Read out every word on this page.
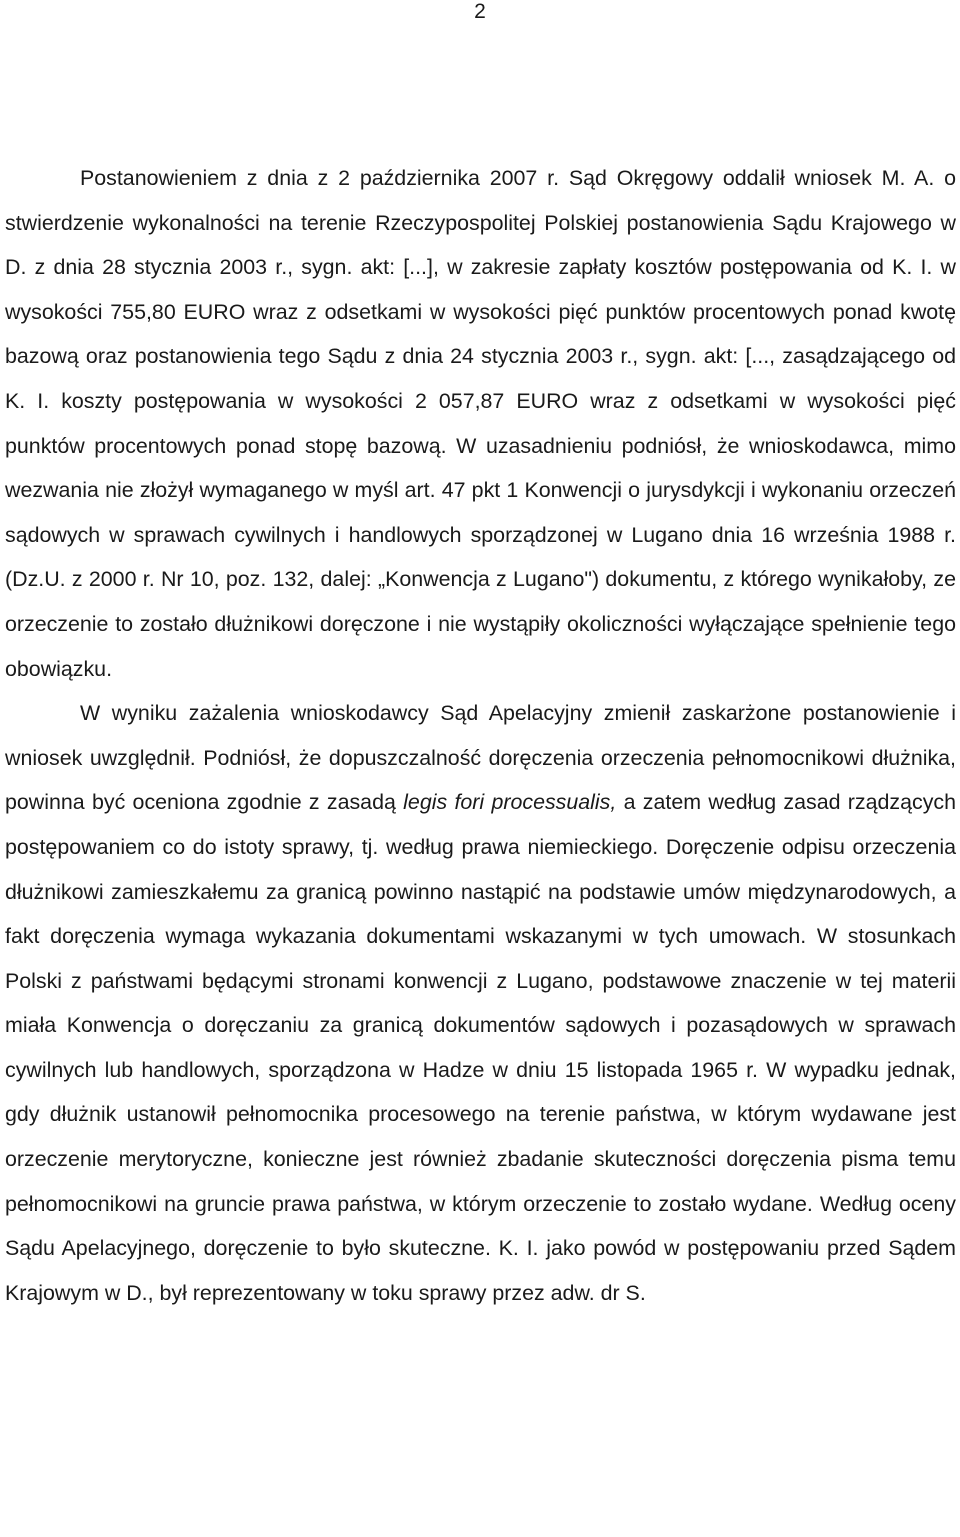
2

Postanowieniem z dnia z 2 października 2007 r. Sąd Okręgowy oddalił wniosek M. A. o stwierdzenie wykonalności na terenie Rzeczypospolitej Polskiej postanowienia Sądu Krajowego w D. z dnia 28 stycznia 2003 r., sygn. akt: [...], w zakresie zapłaty kosztów postępowania od K. I. w wysokości 755,80 EURO wraz z odsetkami w wysokości pięć punktów procentowych ponad kwotę bazową oraz postanowienia tego Sądu z dnia 24 stycznia 2003 r., sygn. akt: [..., zasądzającego od K. I. koszty postępowania w wysokości 2 057,87 EURO wraz z odsetkami w wysokości pięć punktów procentowych ponad stopę bazową. W uzasadnieniu podniósł, że wnioskodawca, mimo wezwania nie złożył wymaganego w myśl art. 47 pkt 1 Konwencji o jurysdykcji i wykonaniu orzeczeń sądowych w sprawach cywilnych i handlowych sporządzonej w Lugano dnia 16 września 1988 r. (Dz.U. z 2000 r. Nr 10, poz. 132, dalej: „Konwencja z Lugano") dokumentu, z którego wynikałoby, ze orzeczenie to zostało dłużnikowi doręczone i nie wystąpiły okoliczności wyłączające spełnienie tego obowiązku.

W wyniku zażalenia wnioskodawcy Sąd Apelacyjny zmienił zaskarżone postanowienie i wniosek uwzględnił. Podniósł, że dopuszczalność doręczenia orzeczenia pełnomocnikowi dłużnika, powinna być oceniona zgodnie z zasadą legis fori processualis, a zatem według zasad rządzących postępowaniem co do istoty sprawy, tj. według prawa niemieckiego. Doręczenie odpisu orzeczenia dłużnikowi zamieszkałemu za granicą powinno nastąpić na podstawie umów międzynarodowych, a fakt doręczenia wymaga wykazania dokumentami wskazanymi w tych umowach. W stosunkach Polski z państwami będącymi stronami konwencji z Lugano, podstawowe znaczenie w tej materii miała Konwencja o doręczaniu za granicą dokumentów sądowych i pozasądowych w sprawach cywilnych lub handlowych, sporządzona w Hadze w dniu 15 listopada 1965 r. W wypadku jednak, gdy dłużnik ustanowił pełnomocnika procesowego na terenie państwa, w którym wydawane jest orzeczenie merytoryczne, konieczne jest również zbadanie skuteczności doręczenia pisma temu pełnomocnikowi na gruncie prawa państwa, w którym orzeczenie to zostało wydane. Według oceny Sądu Apelacyjnego, doręczenie to było skuteczne. K. I. jako powód w postępowaniu przed Sądem Krajowym w D., był reprezentowany w toku sprawy przez adw. dr S.
